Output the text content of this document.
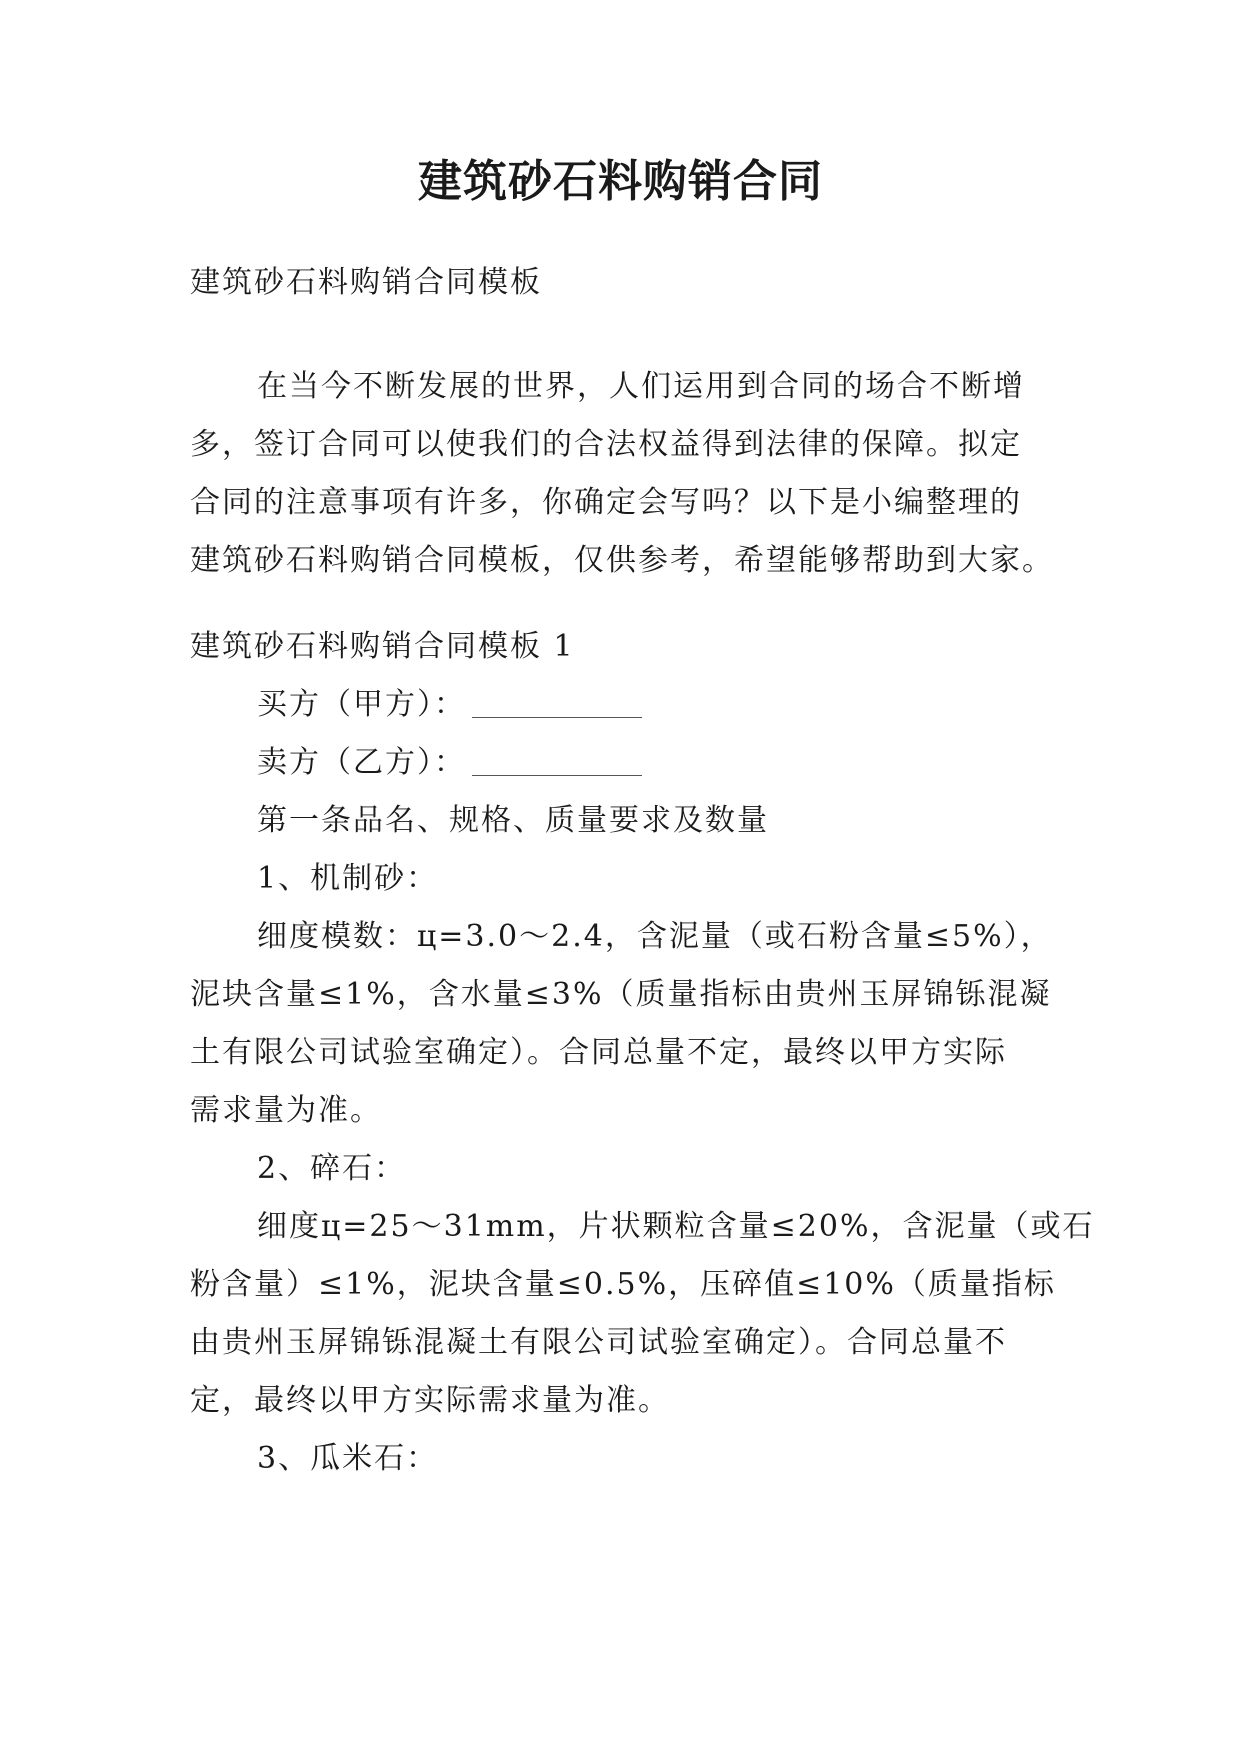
建筑砂石料购销合同
建筑砂石料购销合同模板
在当今不断发展的世界，人们运用到合同的场合不断增
多，签订合同可以使我们的合法权益得到法律的保障。拟定
合同的注意事项有许多，你确定会写吗？以下是小编整理的
建筑砂石料购销合同模板，仅供参考，希望能够帮助到大家。
建筑砂石料购销合同模板 1
买方（甲方）：
卖方（乙方）：
第一条品名、规格、质量要求及数量
1、机制砂：
细度模数：ц=3.0～2.4，含泥量（或石粉含量≤5%），
泥块含量≤1%，含水量≤3%（质量指标由贵州玉屏锦铄混凝
土有限公司试验室确定）。合同总量不定，最终以甲方实际
需求量为准。
2、碎石：
细度ц=25～31mm，片状颗粒含量≤20%，含泥量（或石
粉含量）≤1%，泥块含量≤0.5%，压碎值≤10%（质量指标
由贵州玉屏锦铄混凝土有限公司试验室确定）。合同总量不
定，最终以甲方实际需求量为准。
3、瓜米石：
